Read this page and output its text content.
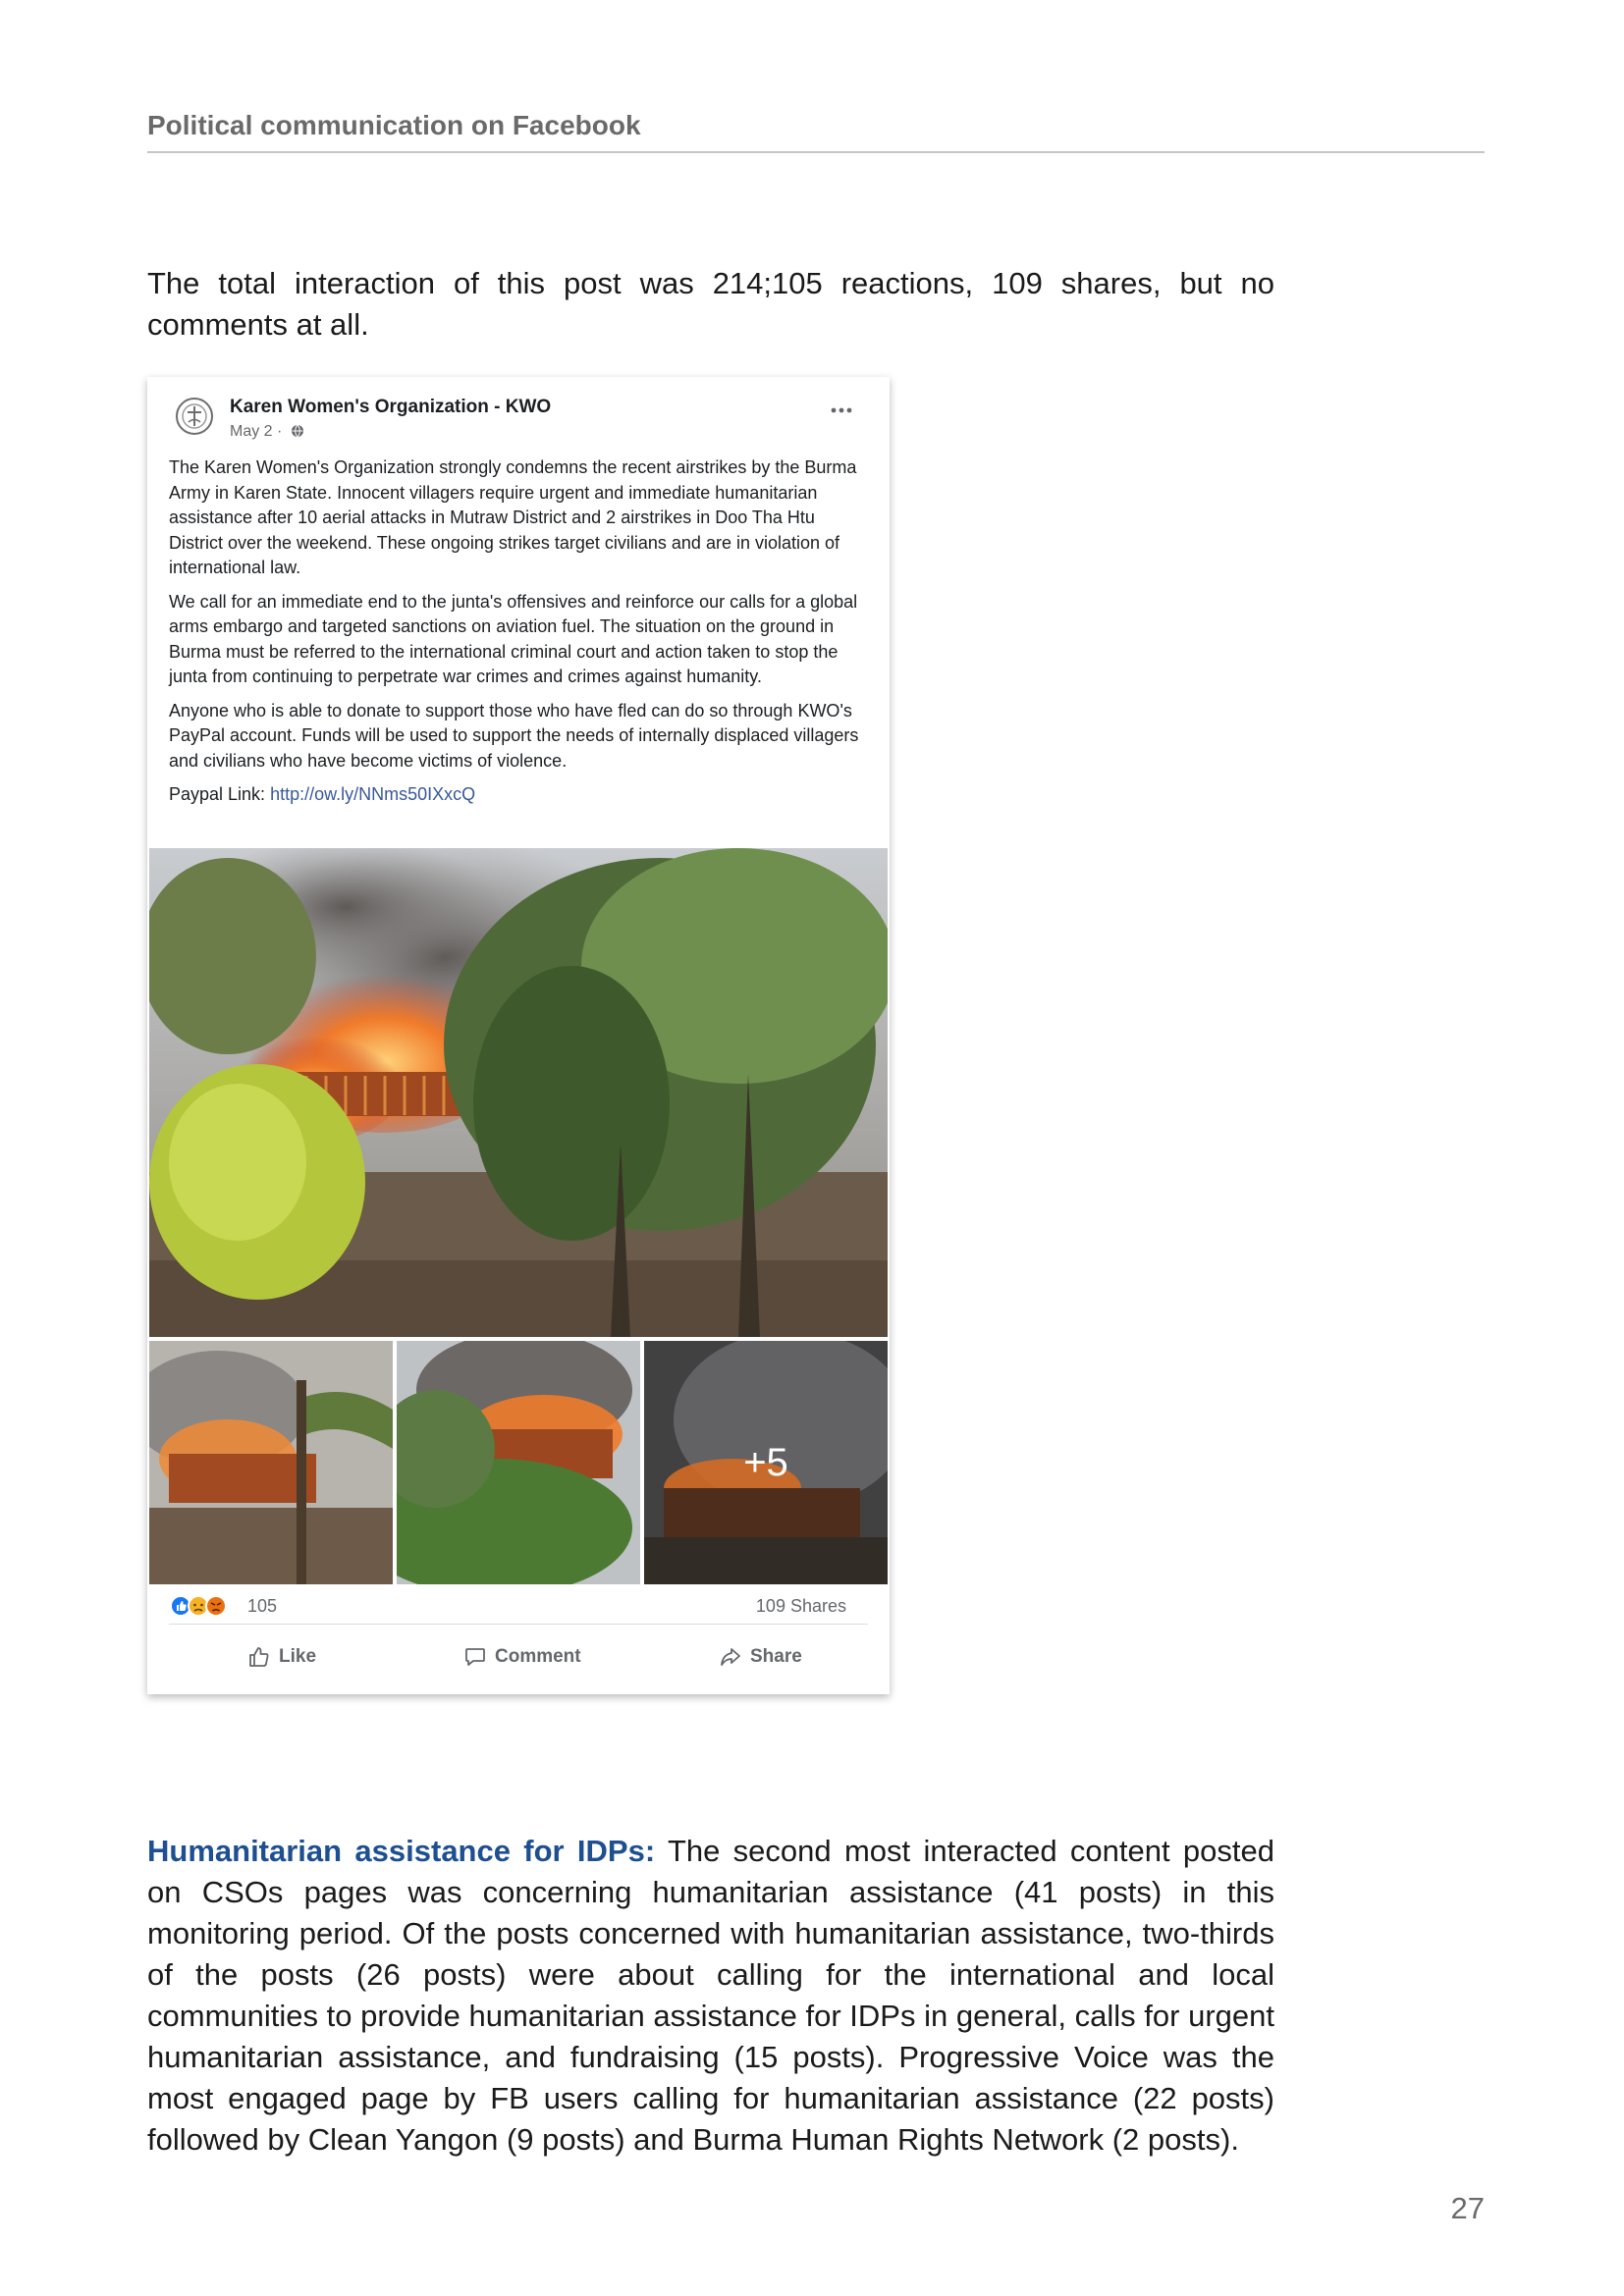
Political communication on Facebook

The total interaction of this post was 214;105 reactions, 109 shares, but no comments at all.

Karen Women's Organization - KWO
May 2 ·

The Karen Women's Organization strongly condemns the recent airstrikes by the Burma Army in Karen State. Innocent villagers require urgent and immediate humanitarian assistance after 10 aerial attacks in Mutraw District and 2 airstrikes in Doo Tha Htu District over the weekend. These ongoing strikes target civilians and are in violation of international law.

We call for an immediate end to the junta's offensives and reinforce our calls for a global arms embargo and targeted sanctions on aviation fuel. The situation on the ground in Burma must be referred to the international criminal court and action taken to stop the junta from continuing to perpetrate war crimes and crimes against humanity.

Anyone who is able to donate to support those who have fled can do so through KWO's PayPal account. Funds will be used to support the needs of internally displaced villagers and civilians who have become victims of violence.

Paypal Link: http://ow.ly/NNms50IXxcQ

+5
105	109 Shares
Like	Comment	Share

Humanitarian assistance for IDPs: The second most interacted content posted on CSOs pages was concerning humanitarian assistance (41 posts) in this monitoring period. Of the posts concerned with humanitarian assistance, two-thirds of the posts (26 posts) were about calling for the international and local communities to provide humanitarian assistance for IDPs in general, calls for urgent humanitarian assistance, and fundraising (15 posts). Progressive Voice was the most engaged page by FB users calling for humanitarian assistance (22 posts) followed by Clean Yangon (9 posts) and Burma Human Rights Network (2 posts).

27
